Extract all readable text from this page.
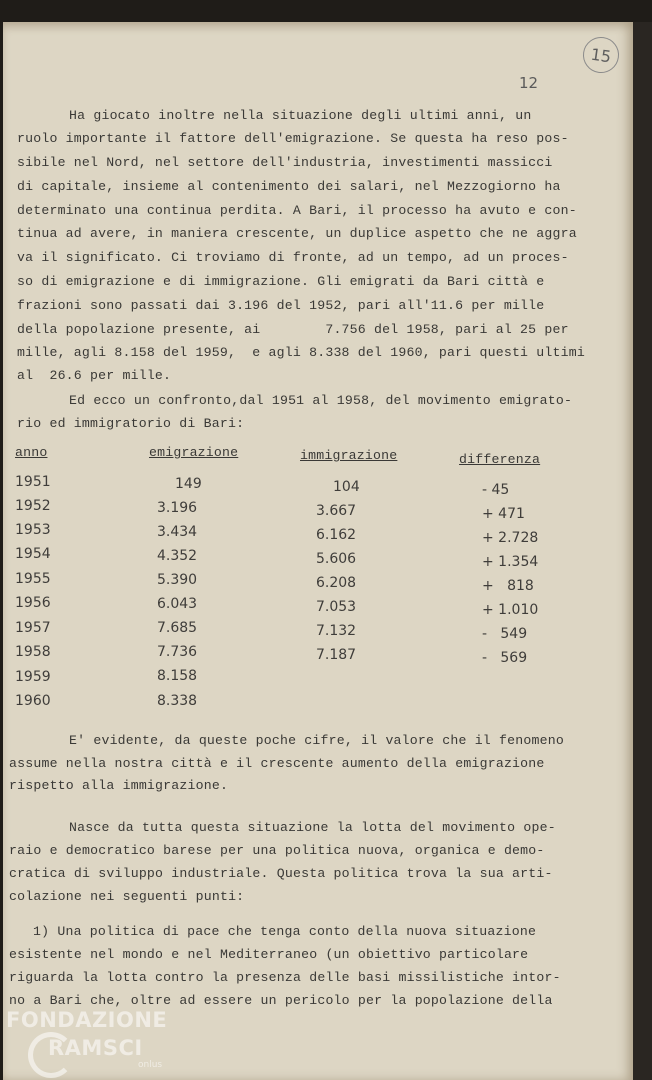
15
12
Ha giocato inoltre nella situazione degli ultimi anni, un
ruolo importante il fattore dell'emigrazione. Se questa ha reso pos-
sibile nel Nord, nel settore dell'industria, investimenti massicci
di capitale, insieme al contenimento dei salari, nel Mezzogiorno ha
determinato una continua perdita. A Bari, il processo ha avuto e con-
tinua ad avere, in maniera crescente, un duplice aspetto che ne aggra
va il significato. Ci troviamo di fronte, ad un tempo, ad un proces-
so di emigrazione e di immigrazione. Gli emigrati da Bari città e
frazioni sono passati dai 3.196 del 1952, pari all'11.6 per mille
della popolazione presente, ai        7.756 del 1958, pari al 25 per
mille, agli 8.158 del 1959,  e agli 8.338 del 1960, pari questi ultimi
al  26.6 per mille.
Ed ecco un confronto,dal 1951 al 1958, del movimento emigrato-
rio ed immigratorio di Bari:
anno	emigrazione	immigrazione	differenza
1951	149	104	- 45
1952	3.196	3.667	+ 471
1953	3.434	6.162	+ 2.728
1954	4.352	5.606	+ 1.354
1955	5.390	6.208	+   818
1956	6.043	7.053	+ 1.010
1957	7.685	7.132	-   549
1958	7.736	7.187	-   569
1959	8.158
1960	8.338
E' evidente, da queste poche cifre, il valore che il fenomeno
assume nella nostra città e il crescente aumento della emigrazione
rispetto alla immigrazione.
Nasce da tutta questa situazione la lotta del movimento ope-
raio e democratico barese per una politica nuova, organica e demo-
cratica di sviluppo industriale. Questa politica trova la sua arti-
colazione nei seguenti punti:
1) Una politica di pace che tenga conto della nuova situazione
esistente nel mondo e nel Mediterraneo (un obiettivo particolare
riguarda la lotta contro la presenza delle basi missilistiche intor-
no a Bari che, oltre ad essere un pericolo per la popolazione della
FONDAZIONE
RAMSCI
onlus
